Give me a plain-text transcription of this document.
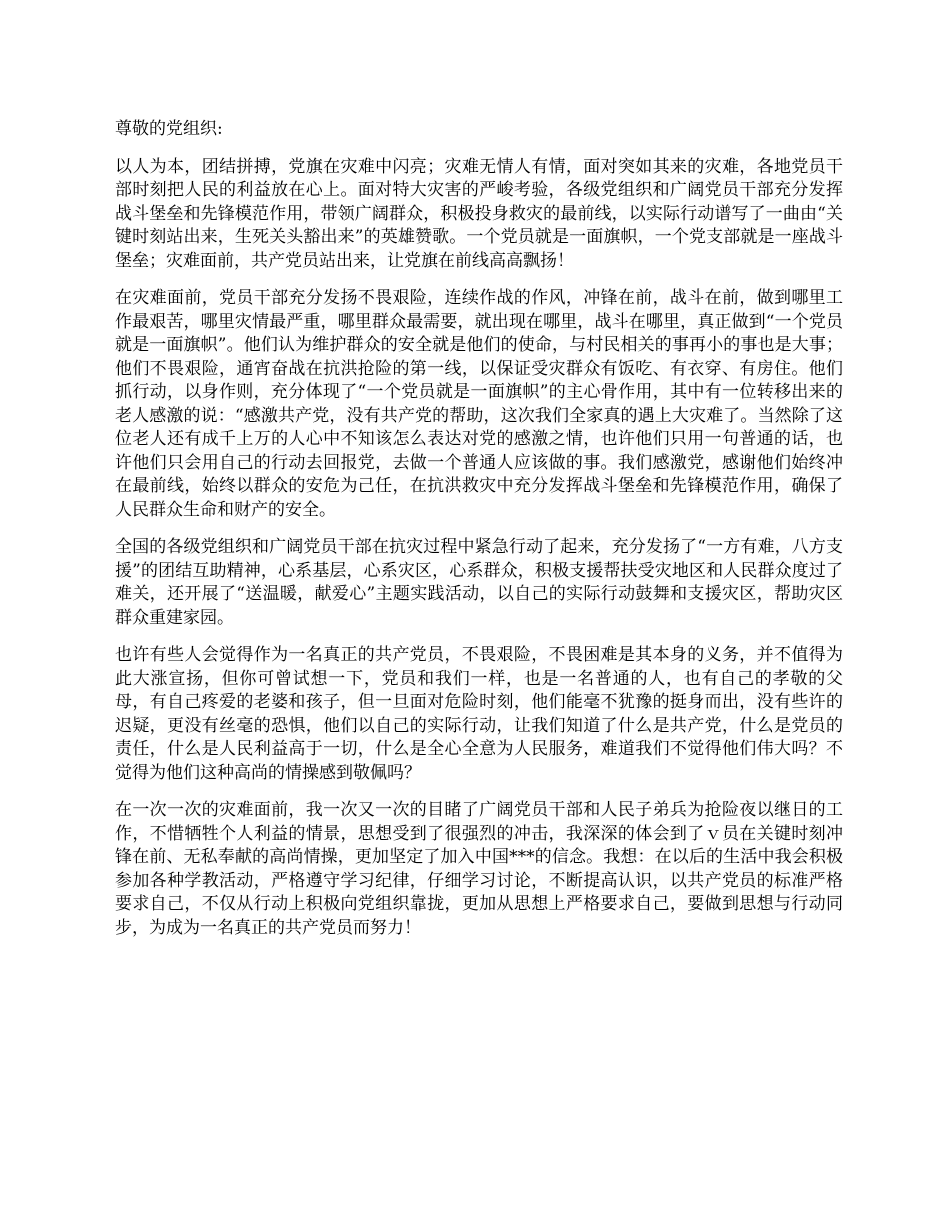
尊敬的党组织:

以人为本，团结拼搏，党旗在灾难中闪亮；灾难无情人有情，面对突如其来的灾难，各地党员干部时刻把人民的利益放在心上。面对特大灾害的严峻考验，各级党组织和广阔党员干部充分发挥战斗堡垒和先锋模范作用，带领广阔群众，积极投身救灾的最前线，以实际行动谱写了一曲由“关键时刻站出来，生死关头豁出来”的英雄赞歌。一个党员就是一面旗帜，一个党支部就是一座战斗堡垒；灾难面前，共产党员站出来，让党旗在前线高高飘扬！

在灾难面前，党员干部充分发扬不畏艰险，连续作战的作风，冲锋在前，战斗在前，做到哪里工作最艰苦，哪里灾情最严重，哪里群众最需要，就出现在哪里，战斗在哪里，真正做到“一个党员就是一面旗帜”。他们认为维护群众的安全就是他们的使命，与村民相关的事再小的事也是大事；他们不畏艰险，通宵奋战在抗洪抢险的第一线，以保证受灾群众有饭吃、有衣穿、有房住。他们抓行动，以身作则，充分体现了“一个党员就是一面旗帜”的主心骨作用，其中有一位转移出来的老人感激的说：“感激共产党，没有共产党的帮助，这次我们全家真的遇上大灾难了。当然除了这位老人还有成千上万的人心中不知该怎么表达对党的感激之情，也许他们只用一句普通的话，也许他们只会用自己的行动去回报党，去做一个普通人应该做的事。我们感激党，感谢他们始终冲在最前线，始终以群众的安危为己任，在抗洪救灾中充分发挥战斗堡垒和先锋模范作用，确保了人民群众生命和财产的安全。

全国的各级党组织和广阔党员干部在抗灾过程中紧急行动了起来，充分发扬了“一方有难，八方支援”的团结互助精神，心系基层，心系灾区，心系群众，积极支援帮扶受灾地区和人民群众度过了难关，还开展了“送温暖，献爱心”主题实践活动，以自己的实际行动鼓舞和支援灾区，帮助灾区群众重建家园。

也许有些人会觉得作为一名真正的共产党员，不畏艰险，不畏困难是其本身的义务，并不值得为此大涨宣扬，但你可曾试想一下，党员和我们一样，也是一名普通的人，也有自己的孝敬的父母，有自己疼爱的老婆和孩子，但一旦面对危险时刻，他们能毫不犹豫的挺身而出，没有些许的迟疑，更没有丝毫的恐惧，他们以自己的实际行动，让我们知道了什么是共产党，什么是党员的责任，什么是人民利益高于一切，什么是全心全意为人民服务，难道我们不觉得他们伟大吗？不觉得为他们这种高尚的情操感到敬佩吗？

在一次一次的灾难面前，我一次又一次的目睹了广阔党员干部和人民子弟兵为抢险夜以继日的工作，不惜牺牲个人利益的情景，思想受到了很强烈的冲击，我深深的体会到了ｖ员在关键时刻冲锋在前、无私奉献的高尚情操，更加坚定了加入中国***的信念。我想：在以后的生活中我会积极参加各种学教活动，严格遵守学习纪律，仔细学习讨论，不断提高认识，以共产党员的标准严格要求自己，不仅从行动上积极向党组织靠拢，更加从思想上严格要求自己，要做到思想与行动同步，为成为一名真正的共产党员而努力！
